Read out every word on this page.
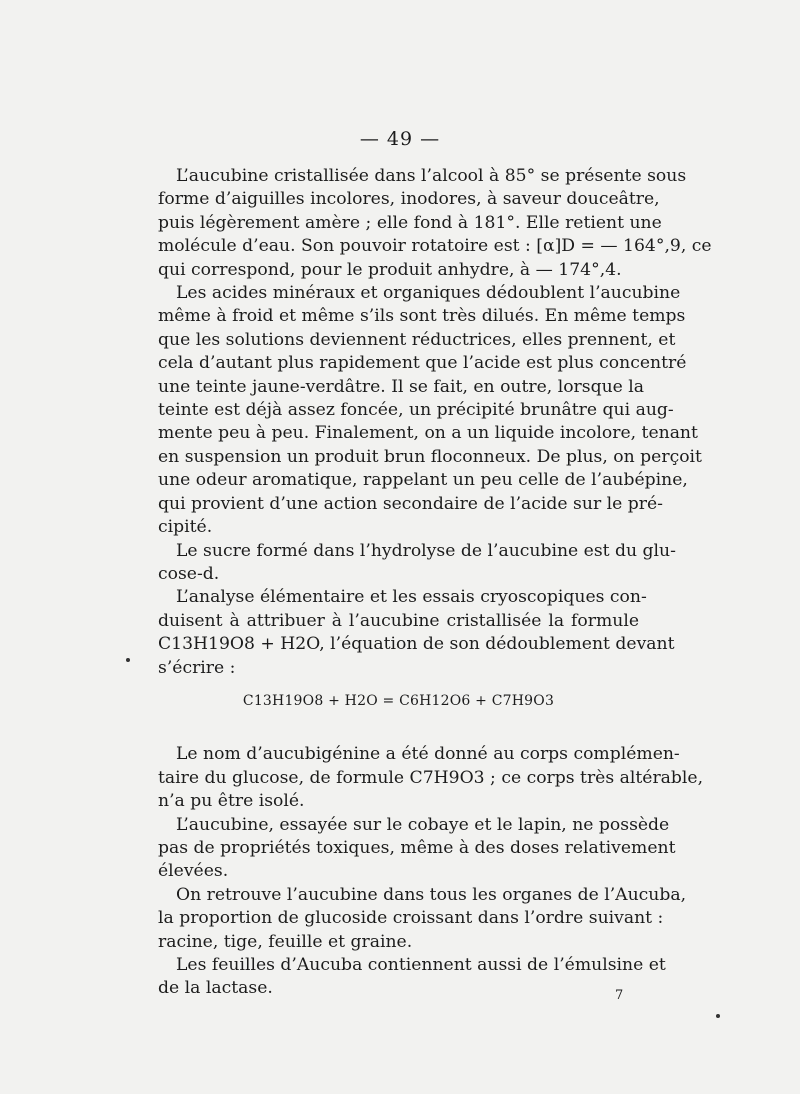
— 49 —
L’aucubine cristallisée dans l’alcool à 85° se présente sous
forme d’aiguilles incolores, inodores, à saveur douceâtre,
puis légèrement amère ; elle fond à 181°. Elle retient une
molécule d’eau. Son pouvoir rotatoire est : [α]D = — 164°,9, ce
qui correspond, pour le produit anhydre, à — 174°,4.
Les acides minéraux et organiques dédoublent l’aucubine
même à froid et même s’ils sont très dilués. En même temps
que les solutions deviennent réductrices, elles prennent, et
cela d’autant plus rapidement que l’acide est plus concentré
une teinte jaune-verdâtre. Il se fait, en outre, lorsque la
teinte est déjà assez foncée, un précipité brunâtre qui aug-
mente peu à peu. Finalement, on a un liquide incolore, tenant
en suspension un produit brun floconneux. De plus, on perçoit
une odeur aromatique, rappelant un peu celle de l’aubépine,
qui provient d’une action secondaire de l’acide sur le pré-
cipité.
Le sucre formé dans l’hydrolyse de l’aucubine est du glu-
cose-d.
L’analyse élémentaire et les essais cryoscopiques con-
duisent à attribuer à l’aucubine cristallisée la formule
C13H19O8 + H2O, l’équation de son dédoublement devant
s’écrire :
C13H19O8 + H2O = C6H12O6 + C7H9O3
Le nom d’aucubigénine a été donné au corps complémen-
taire du glucose, de formule C7H9O3 ; ce corps très altérable,
n’a pu être isolé.
L’aucubine, essayée sur le cobaye et le lapin, ne possède
pas de propriétés toxiques, même à des doses relativement
élevées.
On retrouve l’aucubine dans tous les organes de l’Aucuba,
la proportion de glucoside croissant dans l’ordre suivant :
racine, tige, feuille et graine.
Les feuilles d’Aucuba contiennent aussi de l’émulsine et
de la lactase.	7
